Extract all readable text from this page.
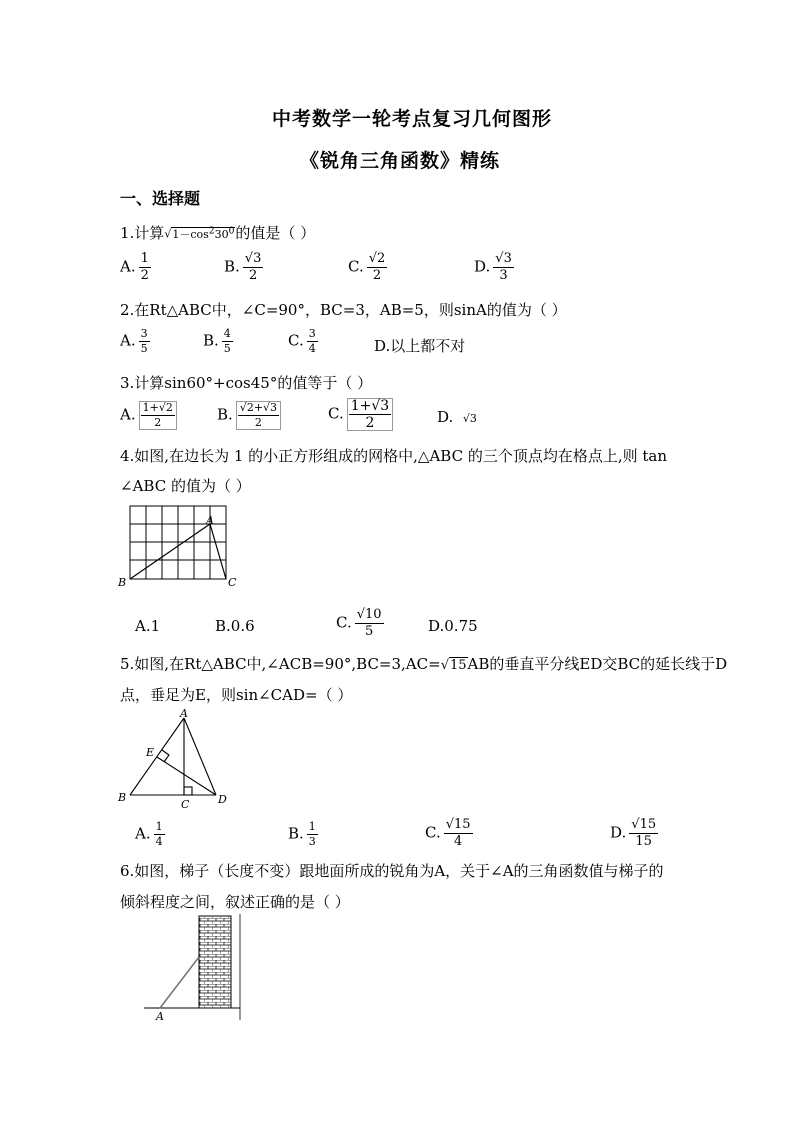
中考数学一轮考点复习几何图形
《锐角三角函数》精练
一、选择题
1.计算$√1-\cos^230^0$的值是（ ）
A. $\frac{1}{2}$	B. $\frac{√3}{2}$	C. $\frac{√2}{2}$	D. $\frac{√3}{3}$
2.在Rt△ABC中，∠C=90°，BC=3，AB=5，则sinA的值为（ ）
A. $\frac{3}{5}$	B. $\frac{4}{5}$	C. $\frac{3}{4}$	D.以上都不对
3.计算sin60°+cos45°的值等于（ ）
A. $\frac{1+√2}{2}$	B. $\frac{√2+√3}{2}$	C. $\frac{1+√3}{2}$	D. √3
4.如图,在边长为 1 的小正方形组成的网格中,△ABC 的三个顶点均在格点上,则 tan
∠ABC 的值为（ ）
A
B	C
A.1	B.0.6	C. $\frac{√10}{5}$	D.0.75
5.如图,在Rt△ABC中,∠ACB=90°,BC=3,AC=√15AB的垂直平分线ED交BC的延长线于D
点，垂足为E，则sin∠CAD=（ ）
A
E
B
C	D
A. $\frac{1}{4}$	B. $\frac{1}{3}$	C. $\frac{√15}{4}$	D. $\frac{√15}{15}$
6.如图，梯子（长度不变）跟地面所成的锐角为A，关于∠A的三角函数值与梯子的
倾斜程度之间，叙述正确的是（ ）
A
